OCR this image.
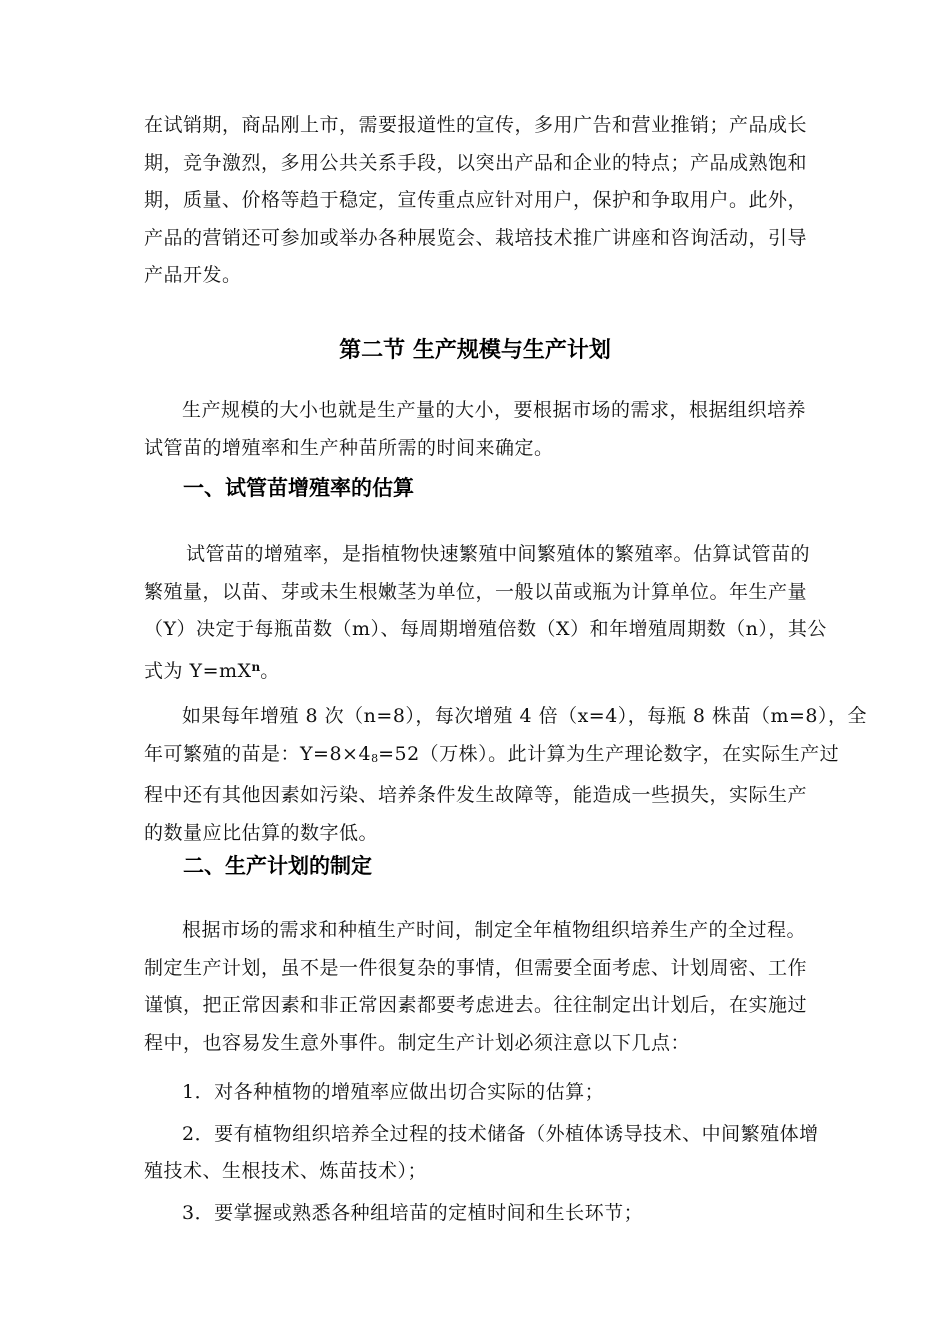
在试销期，商品刚上市，需要报道性的宣传，多用广告和营业推销；产品成长
期，竞争激烈，多用公共关系手段，以突出产品和企业的特点；产品成熟饱和
期，质量、价格等趋于稳定，宣传重点应针对用户，保护和争取用户。此外，
产品的营销还可参加或举办各种展览会、栽培技术推广讲座和咨询活动，引导
产品开发。
第二节 生产规模与生产计划
生产规模的大小也就是生产量的大小，要根据市场的需求，根据组织培养
试管苗的增殖率和生产种苗所需的时间来确定。
一、试管苗增殖率的估算
试管苗的增殖率，是指植物快速繁殖中间繁殖体的繁殖率。估算试管苗的
繁殖量，以苗、芽或未生根嫩茎为单位，一般以苗或瓶为计算单位。年生产量
（Y）决定于每瓶苗数（m）、每周期增殖倍数（X）和年增殖周期数（n），其公
式为 $Y=mX^n$。
如果每年增殖 8 次（n=8），每次增殖 4 倍（x=4），每瓶 8 株苗（m=8），全
年可繁殖的苗是：$Y=8\times 4_8=52$（万株）。此计算为生产理论数字，在实际生产过
程中还有其他因素如污染、培养条件发生故障等，能造成一些损失，实际生产
的数量应比估算的数字低。
二、生产计划的制定
根据市场的需求和种植生产时间，制定全年植物组织培养生产的全过程。
制定生产计划，虽不是一件很复杂的事情，但需要全面考虑、计划周密、工作
谨慎，把正常因素和非正常因素都要考虑进去。往往制定出计划后，在实施过
程中，也容易发生意外事件。制定生产计划必须注意以下几点：
1．对各种植物的增殖率应做出切合实际的估算；
2．要有植物组织培养全过程的技术储备（外植体诱导技术、中间繁殖体增
殖技术、生根技术、炼苗技术）；
3．要掌握或熟悉各种组培苗的定植时间和生长环节；
